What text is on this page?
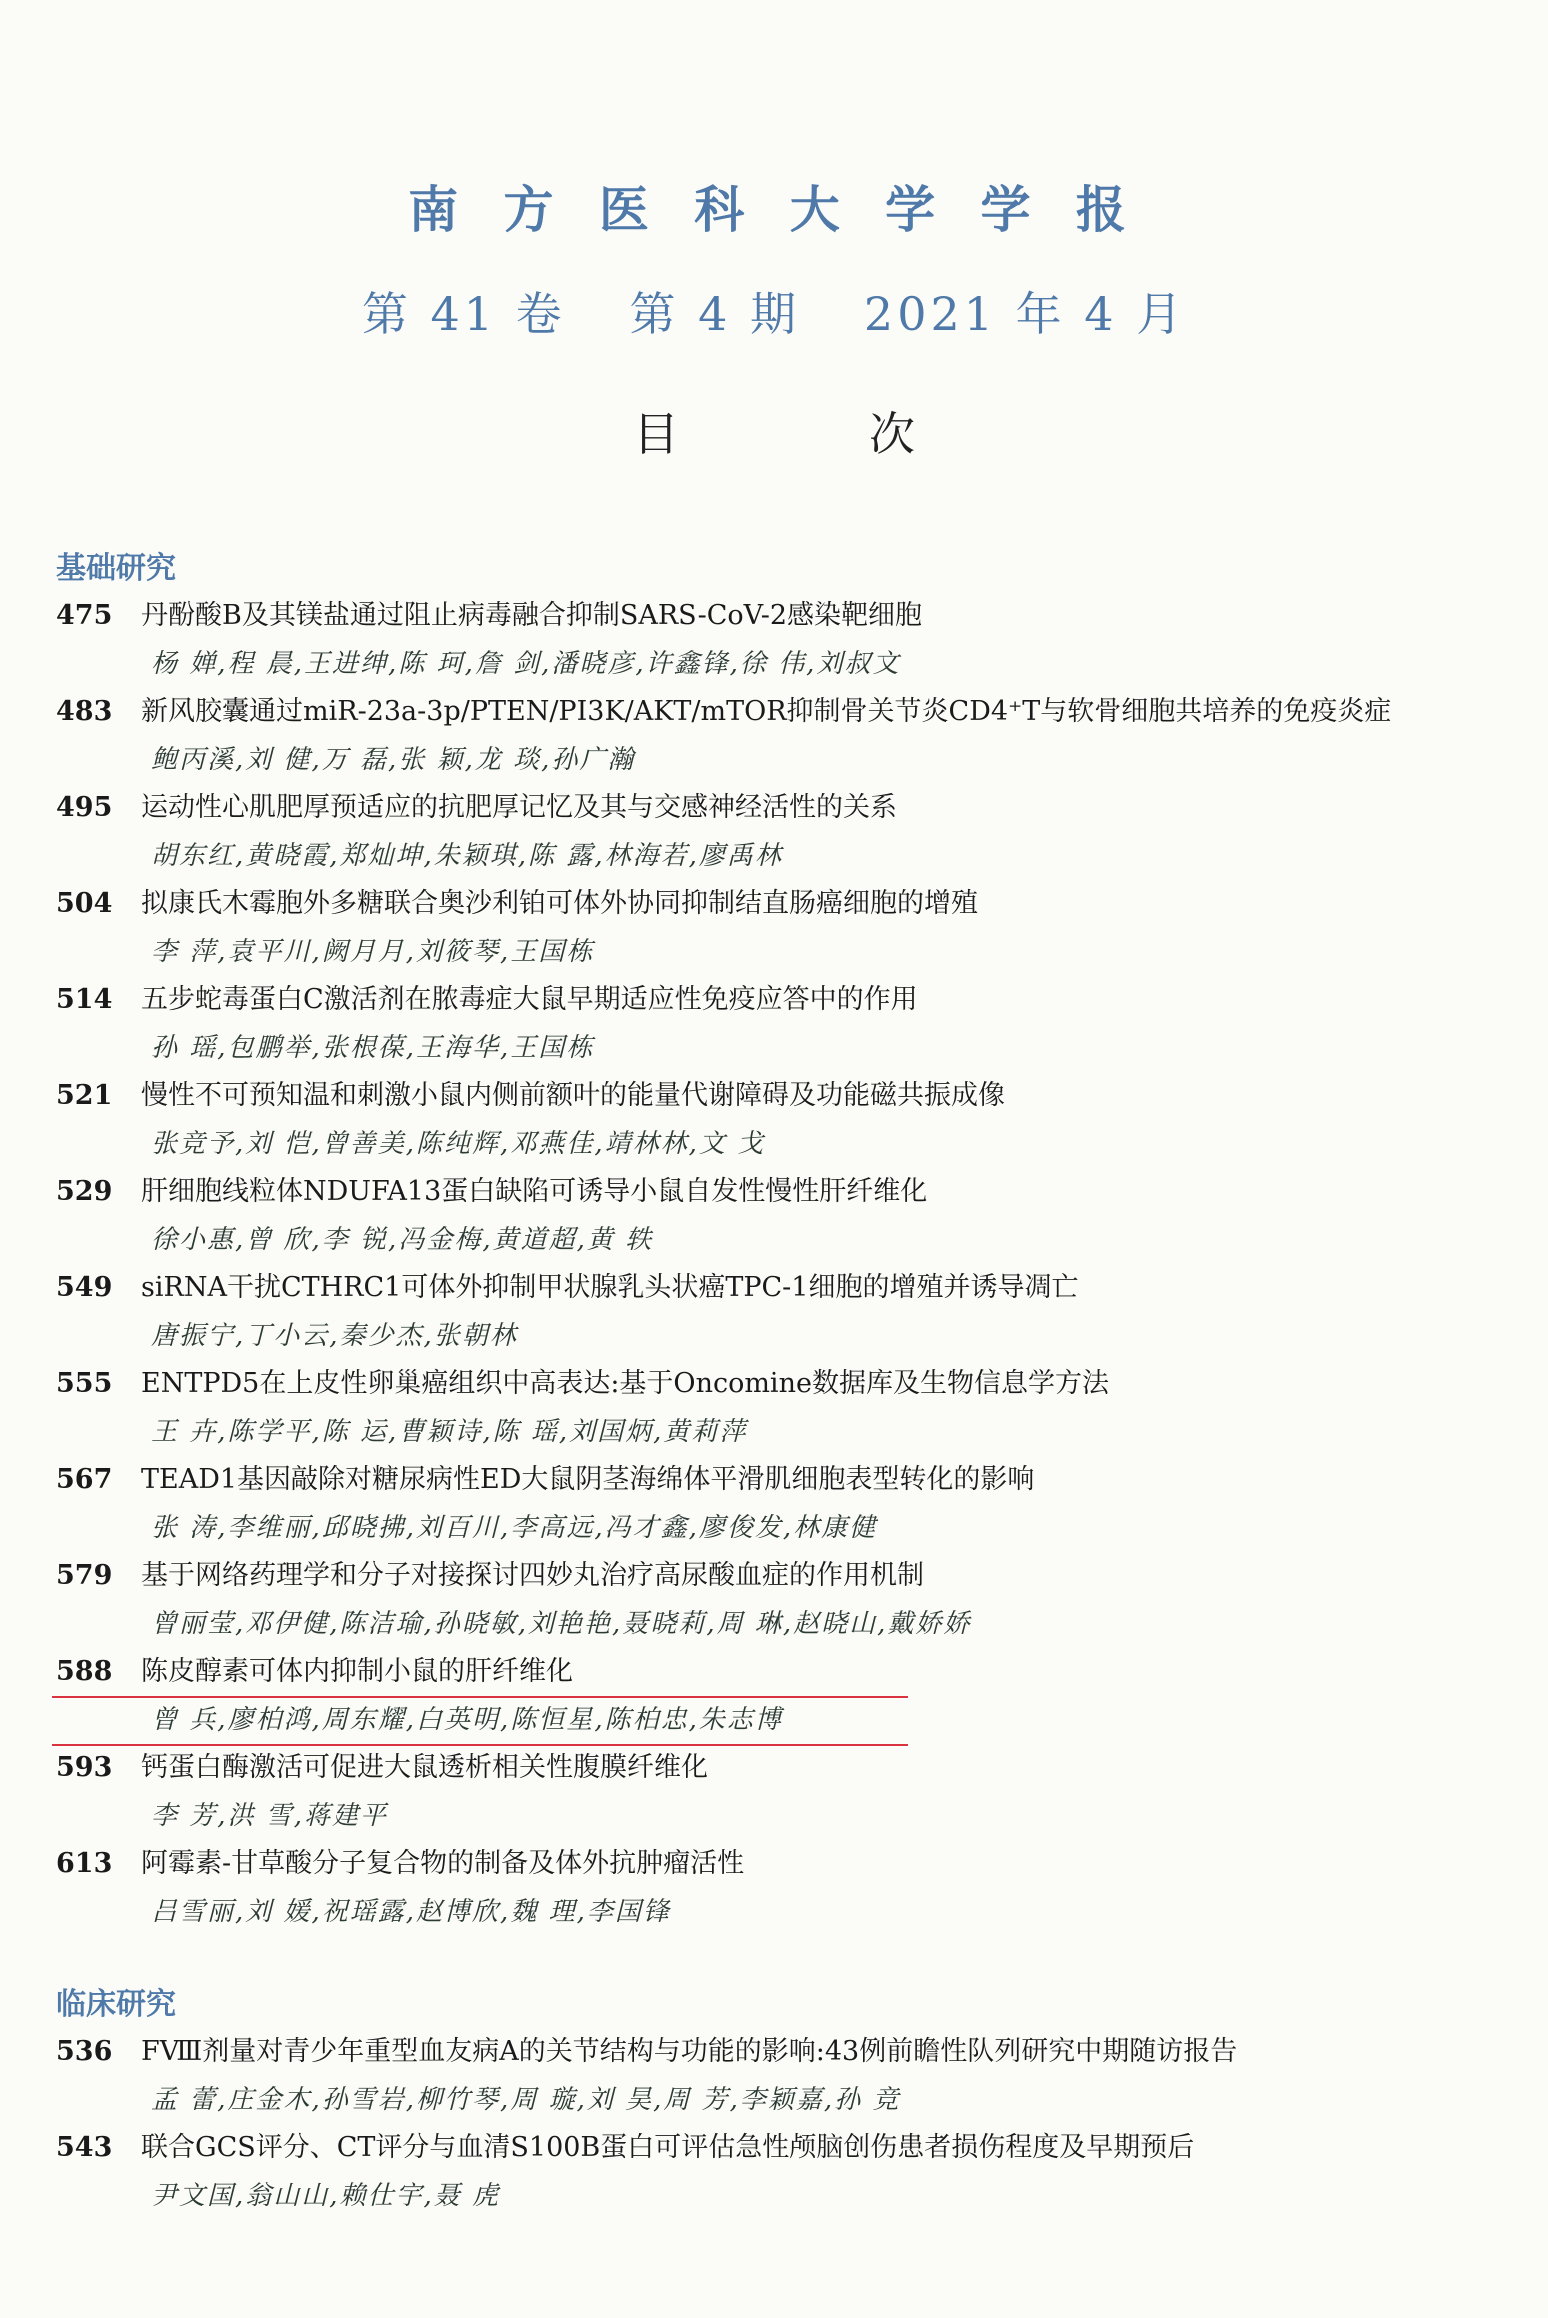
南 方 医 科 大 学 学 报
第 41 卷 第 4 期 2021 年 4 月
目	次
基础研究
475	丹酚酸B及其镁盐通过阻止病毒融合抑制SARS-CoV-2感染靶细胞
杨 婵,程 晨,王进绅,陈 珂,詹 剑,潘晓彦,许鑫锋,徐 伟,刘叔文
483	新风胶囊通过miR-23a-3p/PTEN/PI3K/AKT/mTOR抑制骨关节炎CD4⁺T与软骨细胞共培养的免疫炎症
鲍丙溪,刘 健,万 磊,张 颖,龙 琰,孙广瀚
495	运动性心肌肥厚预适应的抗肥厚记忆及其与交感神经活性的关系
胡东红,黄晓霞,郑灿坤,朱颖琪,陈 露,林海若,廖禹林
504	拟康氏木霉胞外多糖联合奥沙利铂可体外协同抑制结直肠癌细胞的增殖
李 萍,袁平川,阙月月,刘筱琴,王国栋
514	五步蛇毒蛋白C激活剂在脓毒症大鼠早期适应性免疫应答中的作用
孙 瑶,包鹏举,张根葆,王海华,王国栋
521	慢性不可预知温和刺激小鼠内侧前额叶的能量代谢障碍及功能磁共振成像
张竞予,刘 恺,曾善美,陈纯辉,邓燕佳,靖林林,文 戈
529	肝细胞线粒体NDUFA13蛋白缺陷可诱导小鼠自发性慢性肝纤维化
徐小惠,曾 欣,李 锐,冯金梅,黄道超,黄 轶
549	siRNA干扰CTHRC1可体外抑制甲状腺乳头状癌TPC-1细胞的增殖并诱导凋亡
唐振宁,丁小云,秦少杰,张朝林
555	ENTPD5在上皮性卵巢癌组织中高表达:基于Oncomine数据库及生物信息学方法
王 卉,陈学平,陈 运,曹颖诗,陈 瑶,刘国炳,黄莉萍
567	TEAD1基因敲除对糖尿病性ED大鼠阴茎海绵体平滑肌细胞表型转化的影响
张 涛,李维丽,邱晓拂,刘百川,李高远,冯才鑫,廖俊发,林康健
579	基于网络药理学和分子对接探讨四妙丸治疗高尿酸血症的作用机制
曾丽莹,邓伊健,陈洁瑜,孙晓敏,刘艳艳,聂晓莉,周 琳,赵晓山,戴娇娇
588	陈皮醇素可体内抑制小鼠的肝纤维化
曾 兵,廖柏鸿,周东耀,白英明,陈恒星,陈柏忠,朱志博
593	钙蛋白酶激活可促进大鼠透析相关性腹膜纤维化
李 芳,洪 雪,蒋建平
613	阿霉素-甘草酸分子复合物的制备及体外抗肿瘤活性
吕雪丽,刘 媛,祝瑶露,赵博欣,魏 理,李国锋
临床研究
536	FⅧ剂量对青少年重型血友病A的关节结构与功能的影响:43例前瞻性队列研究中期随访报告
孟 蕾,庄金木,孙雪岩,柳竹琴,周 璇,刘 昊,周 芳,李颖嘉,孙 竞
543	联合GCS评分、CT评分与血清S100B蛋白可评估急性颅脑创伤患者损伤程度及早期预后
尹文国,翁山山,赖仕宇,聂 虎
